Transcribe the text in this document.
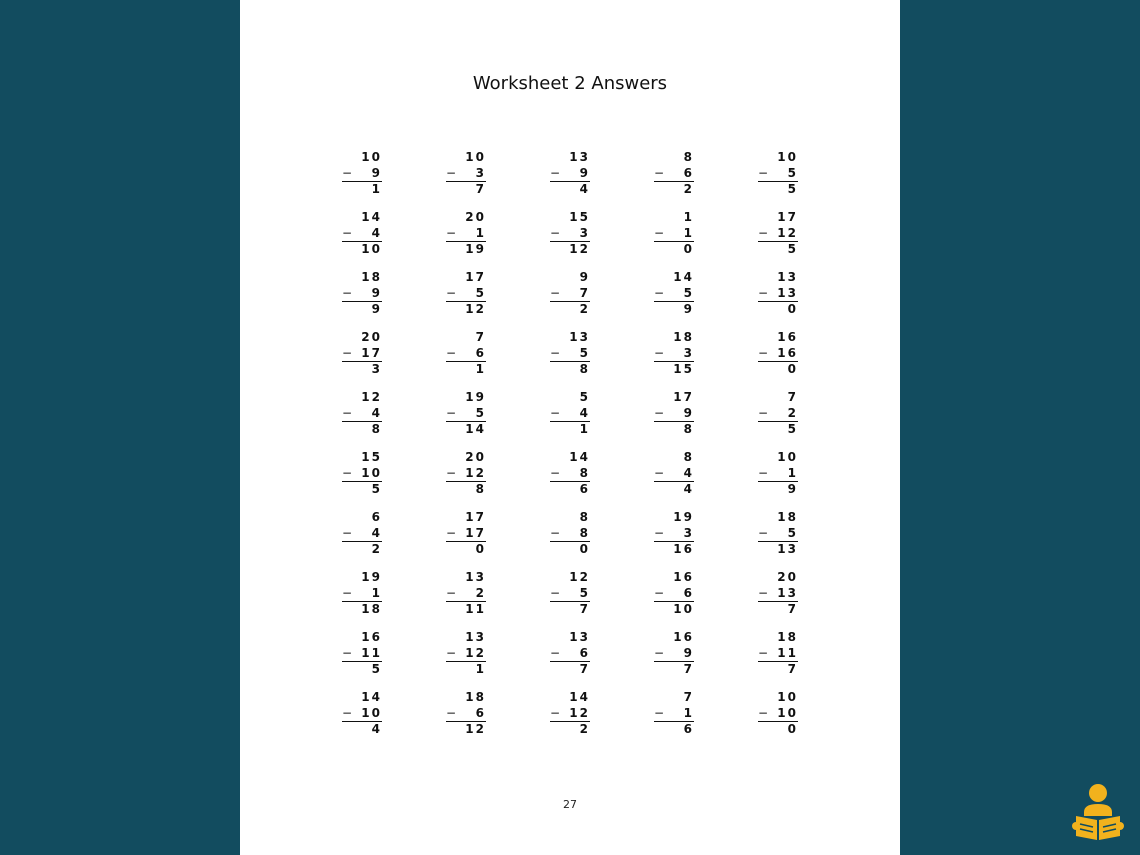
Worksheet 2 Answers
10
−	9
1
10
−	3
7
13
−	9
4
8
−	6
2
10
−	5
5
14
−	4
10
20
−	1
19
15
−	3
12
1
−	1
0
17
− 12
5
18
−	9
9
17
−	5
12
9
−	7
2
14
−	5
9
13
− 13
0
20
− 17
3
7
−	6
1
13
−	5
8
18
−	3
15
16
− 16
0
12
−	4
8
19
−	5
14
5
−	4
1
17
−	9
8
7
−	2
5
15
− 10
5
20
− 12
8
14
−	8
6
8
−	4
4
10
−	1
9
6
−	4
2
17
− 17
0
8
−	8
0
19
−	3
16
18
−	5
13
19
−	1
18
13
−	2
11
12
−	5
7
16
−	6
10
20
− 13
7
16
− 11
5
13
− 12
1
13
−	6
7
16
−	9
7
18
− 11
7
14
− 10
4
18
−	6
12
14
− 12
2
7
−	1
6
10
− 10
0
27
